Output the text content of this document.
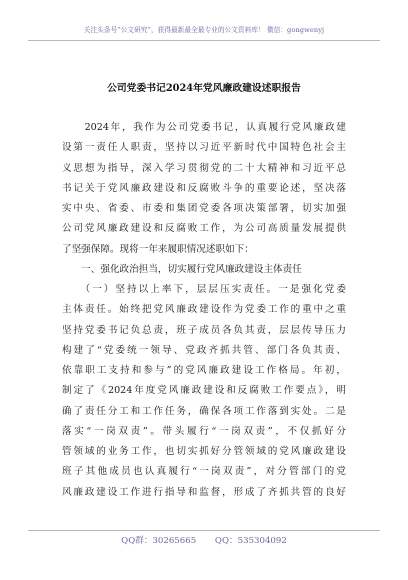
关注头条号“公文研究”，获得最新最全最专业的公文资料库！ 微信：gongwenyj
公司党委书记2024年党风廉政建设述职报告
　　2024年，我作为公司党委书记，认真履行党风廉政建
设第一责任人职责，坚持以习近平新时代中国特色社会主
义思想为指导，深入学习贯彻党的二十大精神和习近平总
书记关于党风廉政建设和反腐败斗争的重要论述，坚决落
实中央、省委、市委和集团党委各项决策部署，切实加强
公司党风廉政建设和反腐败工作，为公司高质量发展提供
了坚强保障。现将一年来履职情况述职如下：
　　一、强化政治担当，切实履行党风廉政建设主体责任
　　（一）坚持以上率下，层层压实责任。一是强化党委
主体责任。始终把党风廉政建设作为党委工作的重中之重
坚持党委书记负总责，班子成员各负其责，层层传导压力
构建了“党委统一领导、党政齐抓共管、部门各负其责、
依靠职工支持和参与”的党风廉政建设工作格局。年初，
制定了《2024年度党风廉政建设和反腐败工作要点》，明
确了责任分工和工作任务，确保各项工作落到实处。二是
落实“一岗双责”。带头履行“一岗双责”，不仅抓好分
管领域的业务工作，也切实抓好分管领域的党风廉政建设
班子其他成员也认真履行“一岗双责”，对分管部门的党
风廉政建设工作进行指导和监督，形成了齐抓共管的良好
QQ群：30265665 QQ：535304092
